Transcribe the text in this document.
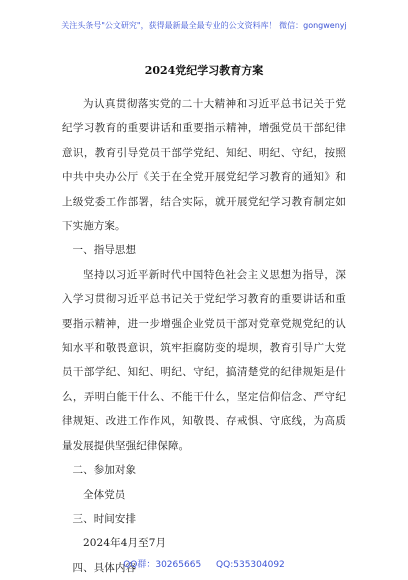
关注头条号"公文研究"，获得最新最全最专业的公文资料库！ 微信：gongwenyj
2024党纪学习教育方案

为认真贯彻落实党的二十大精神和习近平总书记关于党纪学习教育的重要讲话和重要指示精神，增强党员干部纪律意识，教育引导党员干部学党纪、知纪、明纪、守纪，按照中共中央办公厅《关于在全党开展党纪学习教育的通知》和上级党委工作部署，结合实际，就开展党纪学习教育制定如下实施方案。

一、指导思想

坚持以习近平新时代中国特色社会主义思想为指导，深入学习贯彻习近平总书记关于党纪学习教育的重要讲话和重要指示精神，进一步增强企业党员干部对党章党规党纪的认知水平和敬畏意识，筑牢拒腐防变的堤坝，教育引导广大党员干部学纪、知纪、明纪、守纪，搞清楚党的纪律规矩是什么，弄明白能干什么、不能干什么，坚定信仰信念、严守纪律规矩、改进工作作风，知敬畏、存戒惧、守底线，为高质量发展提供坚强纪律保障。

二、参加对象

全体党员

三、时间安排

2024年4月至7月

四、具体内容

QQ群：30265665 QQ:535304092
